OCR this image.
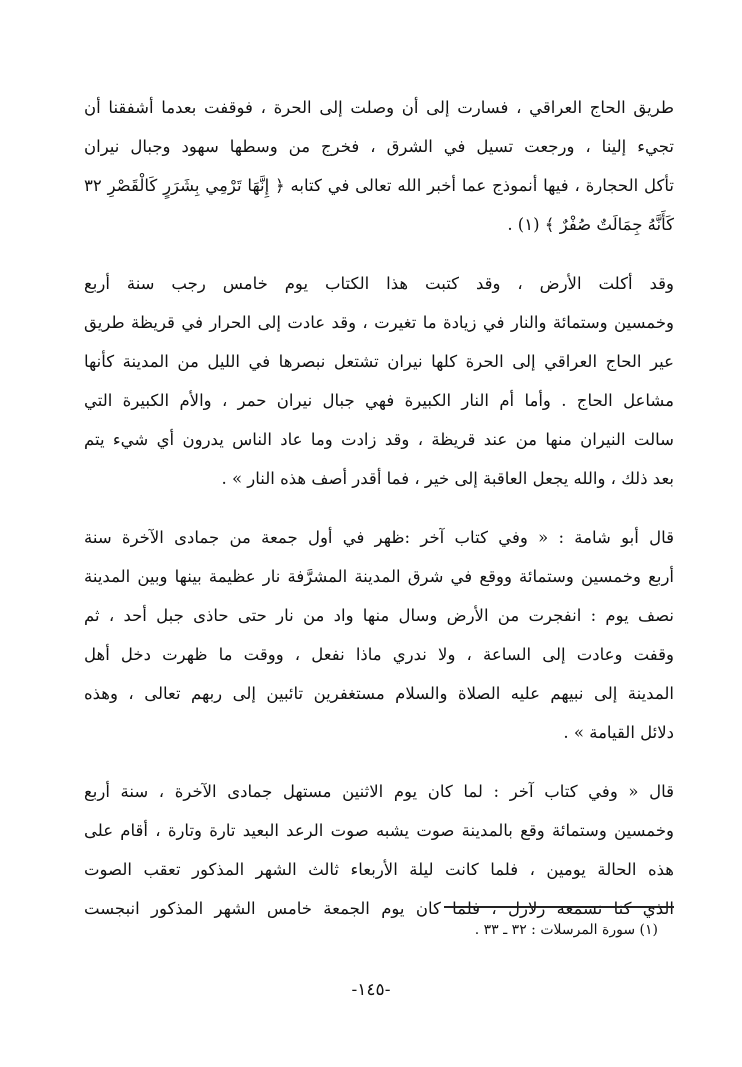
طريق الحاج العراقي ، فسارت إلى أن وصلت إلى الحرة ، فوقفت بعدما أشفقنا أن
تجيء إلينا ، ورجعت تسيل في الشرق ، فخرج من وسطها سهود وجبال نيران
تأكل الحجارة ، فيها أنموذج عما أخبر الله تعالى في كتابه ﴿ إِنَّهَا تَرْمِي بِشَرَرٍ كَالْقَصْرِ ٣٢
كَأَنَّهُ جِمَالَتٌ صُفْرٌ ﴾ (١) .
وقد أكلت الأرض ، وقد كتبت هذا الكتاب يوم خامس رجب سنة أربع
وخمسين وستمائة والنار في زيادة ما تغيرت ، وقد عادت إلى الحرار في قريظة طريق
عير الحاج العراقي إلى الحرة كلها نيران تشتعل نبصرها في الليل من المدينة كأنها
مشاعل الحاج . وأما أم النار الكبيرة فهي جبال نيران حمر ، والأم الكبيرة التي
سالت النيران منها من عند قريظة ، وقد زادت وما عاد الناس يدرون أي شيء يتم
بعد ذلك ، والله يجعل العاقبة إلى خير ، فما أقدر أصف هذه النار » .
قال أبو شامة : « وفي كتاب آخر :ظهر في أول جمعة من جمادى الآخرة سنة
أربع وخمسين وستمائة ووقع في شرق المدينة المشرَّفة نار عظيمة بينها وبين المدينة
نصف يوم : انفجرت من الأرض وسال منها واد من نار حتى حاذى جبل أحد ، ثم
وقفت وعادت إلى الساعة ، ولا ندري ماذا نفعل ، ووقت ما ظهرت دخل أهل
المدينة إلى نبيهم عليه الصلاة والسلام مستغفرين تائبين إلى ربهم تعالى ، وهذه
دلائل القيامة » .
قال « وفي كتاب آخر : لما كان يوم الاثنين مستهل جمادى الآخرة ، سنة أربع
وخمسين وستمائة وقع بالمدينة صوت يشبه صوت الرعد البعيد تارة وتارة ، أقام على
هذه الحالة يومين ، فلما كانت ليلة الأربعاء ثالث الشهر المذكور تعقب الصوت
الذي كنا نسمعه زلازل ، فلما كان يوم الجمعة خامس الشهر المذكور انبجست
(١) سورة المرسلات : ٣٢ ـ ٣٣ .
-١٤٥-
